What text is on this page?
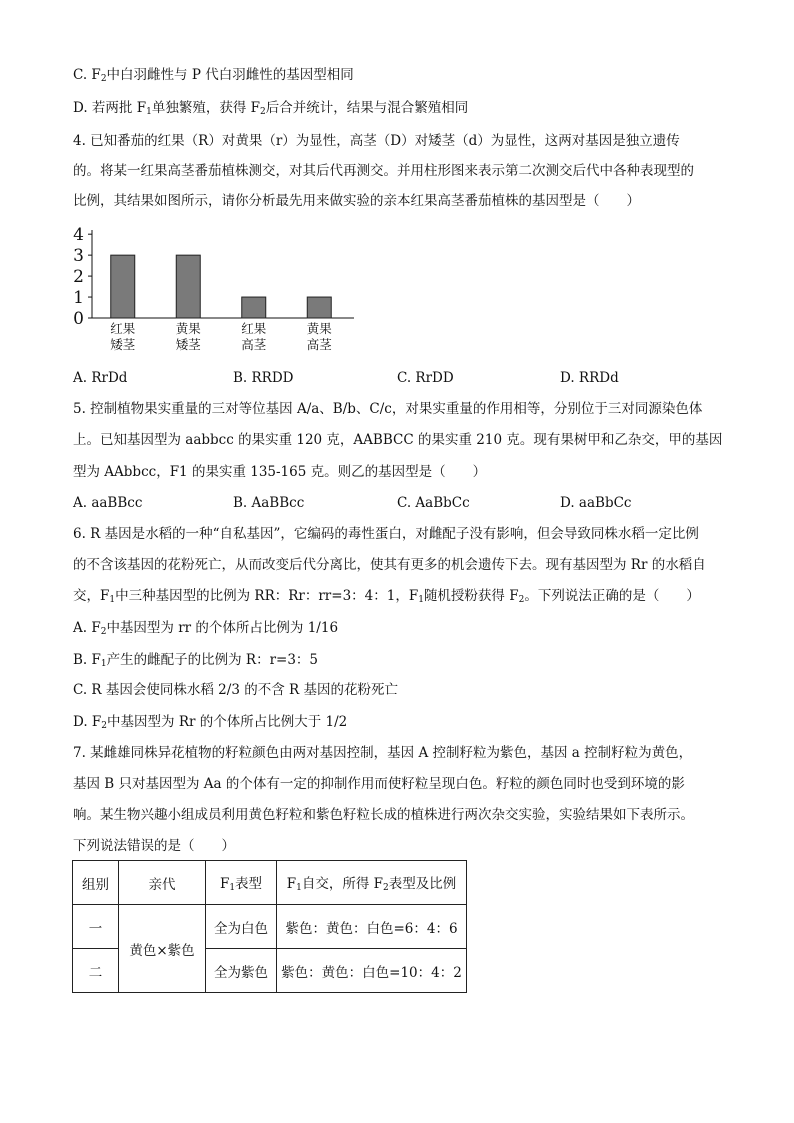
C. $F_2$中白羽雌性与 P 代白羽雌性的基因型相同
D. 若两批 $F_1$单独繁殖，获得 $F_2$后合并统计，结果与混合繁殖相同
4. 已知番茄的红果（R）对黄果（r）为显性，高茎（D）对矮茎（d）为显性，这两对基因是独立遗传
的。将某一红果高茎番茄植株测交，对其后代再测交。并用柱形图来表示第二次测交后代中各种表现型的
比例，其结果如图所示，请你分析最先用来做实验的亲本红果高茎番茄植株的基因型是（　　）
0
1
2
3
4
红果
矮茎
黄果
矮茎
红果
高茎
黄果
高茎
A. RrDd	B. RRDD	C. RrDD	D. RRDd
5. 控制植物果实重量的三对等位基因 A/a、B/b、C/c，对果实重量的作用相等，分别位于三对同源染色体
上。已知基因型为 aabbcc 的果实重 120 克，AABBCC 的果实重 210 克。现有果树甲和乙杂交，甲的基因
型为 AAbbcc，F1 的果实重 135-165 克。则乙的基因型是（　　）
A. aaBBcc	B. AaBBcc	C. AaBbCc	D. aaBbCc
6. R 基因是水稻的一种“自私基因”，它编码的毒性蛋白，对雌配子没有影响，但会导致同株水稻一定比例
的不含该基因的花粉死亡，从而改变后代分离比，使其有更多的机会遗传下去。现有基因型为 Rr 的水稻自
交，$F_1$中三种基因型的比例为 RR：Rr：rr=3：4：1，$F_1$随机授粉获得 $F_2$。下列说法正确的是（　　）
A. $F_2$中基因型为 rr 的个体所占比例为 1/16
B. $F_1$产生的雌配子的比例为 R：r=3：5
C. R 基因会使同株水稻 2/3 的不含 R 基因的花粉死亡
D. $F_2$中基因型为 Rr 的个体所占比例大于 1/2
7. 某雌雄同株异花植物的籽粒颜色由两对基因控制，基因 A 控制籽粒为紫色，基因 a 控制籽粒为黄色，
基因 B 只对基因型为 Aa 的个体有一定的抑制作用而使籽粒呈现白色。籽粒的颜色同时也受到环境的影
响。某生物兴趣小组成员利用黄色籽粒和紫色籽粒长成的植株进行两次杂交实验，实验结果如下表所示。
下列说法错误的是（　　）
组别	亲代	$F_1$表型	$F_1$自交，所得 $F_2$表型及比例
一	黄色×紫色	全为白色	紫色：黄色：白色=6：4：6
二		全为紫色	紫色：黄色：白色=10：4：2
